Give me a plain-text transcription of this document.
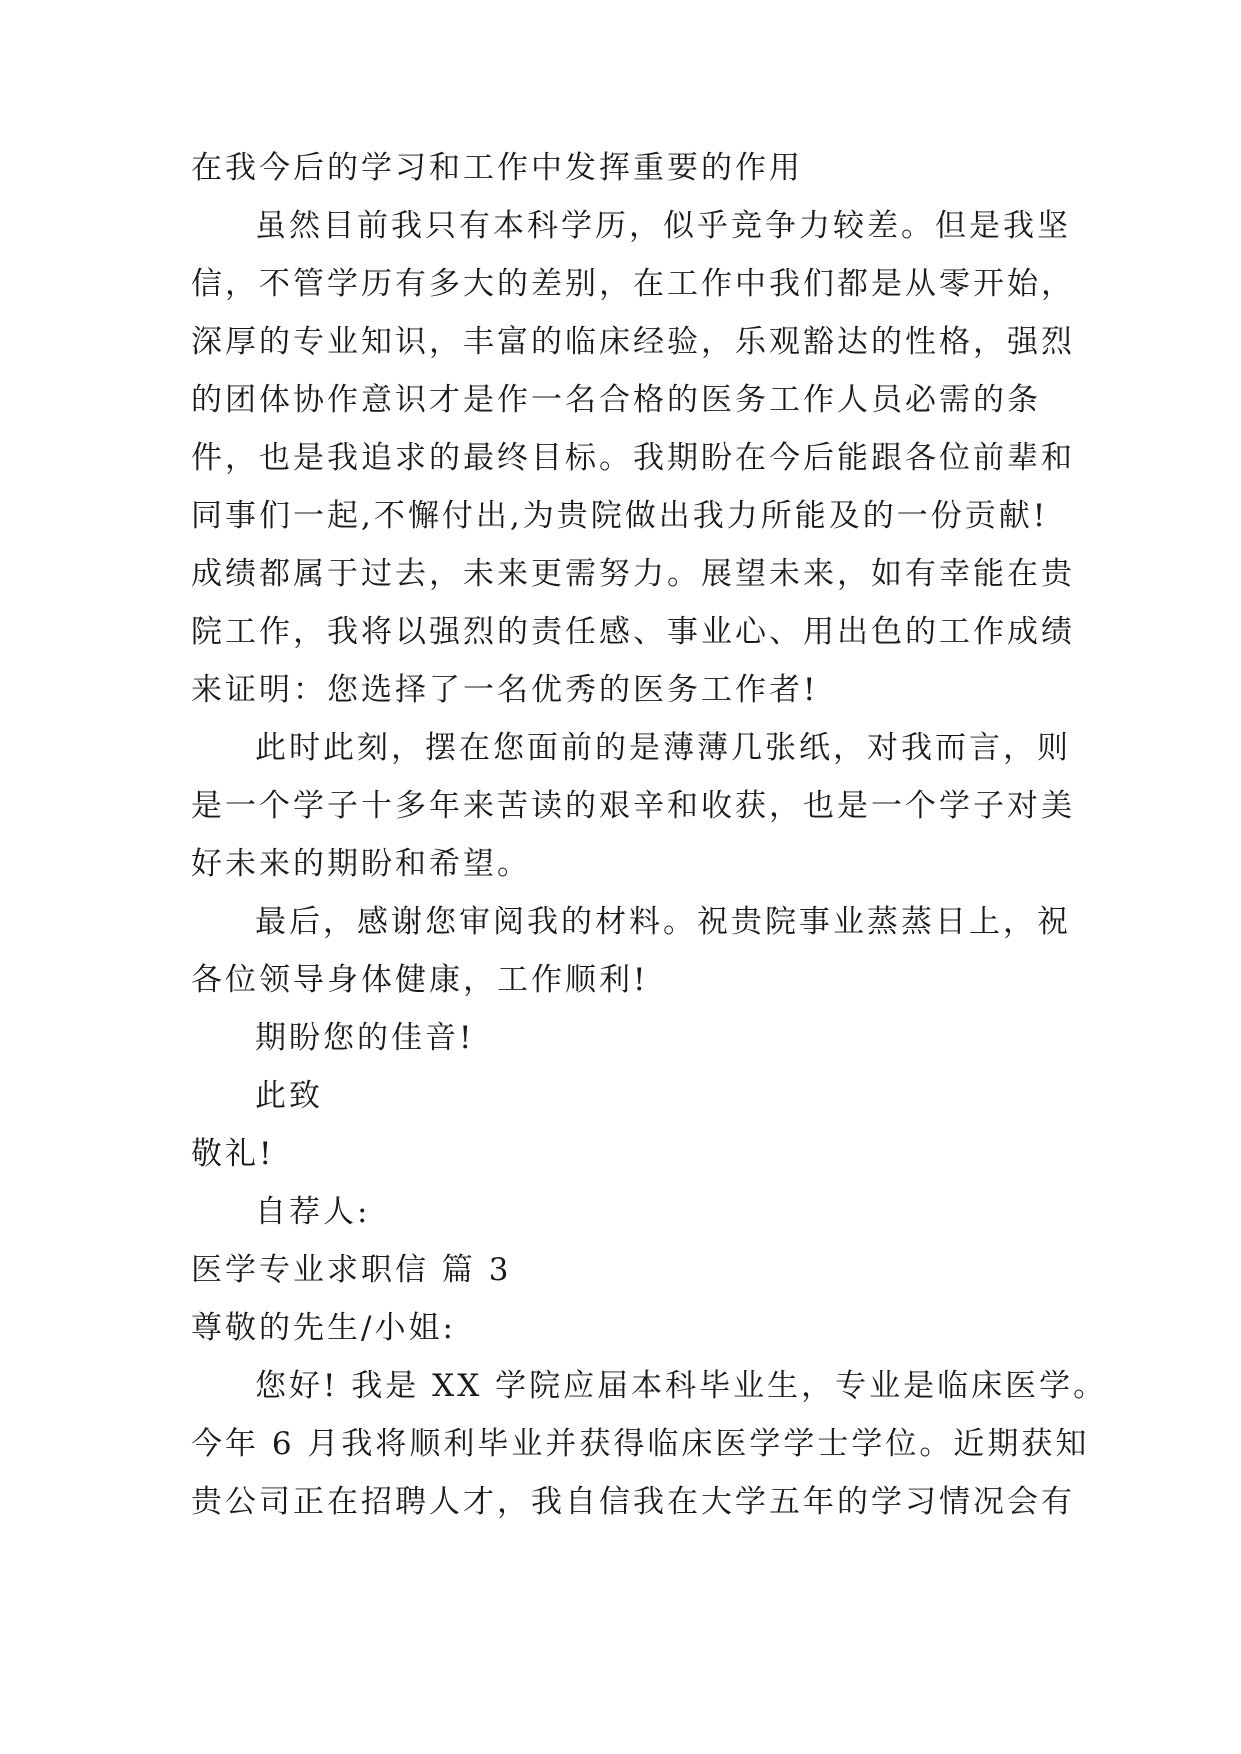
在我今后的学习和工作中发挥重要的作用

虽然目前我只有本科学历，似乎竞争力较差。但是我坚

信，不管学历有多大的差别，在工作中我们都是从零开始，

深厚的专业知识，丰富的临床经验，乐观豁达的性格，强烈

的团体协作意识才是作一名合格的医务工作人员必需的条

件，也是我追求的最终目标。我期盼在今后能跟各位前辈和

同事们一起,不懈付出,为贵院做出我力所能及的一份贡献!

成绩都属于过去，未来更需努力。展望未来，如有幸能在贵

院工作，我将以强烈的责任感、事业心、用出色的工作成绩

来证明：您选择了一名优秀的医务工作者!

此时此刻，摆在您面前的是薄薄几张纸，对我而言，则

是一个学子十多年来苦读的艰辛和收获，也是一个学子对美

好未来的期盼和希望。

最后，感谢您审阅我的材料。祝贵院事业蒸蒸日上，祝

各位领导身体健康，工作顺利!

期盼您的佳音!

此致

敬礼!

自荐人:

医学专业求职信 篇 3

尊敬的先生/小姐:

您好! 我是 XX 学院应届本科毕业生，专业是临床医学。

今年 6 月我将顺利毕业并获得临床医学学士学位。近期获知

贵公司正在招聘人才，我自信我在大学五年的学习情况会有
